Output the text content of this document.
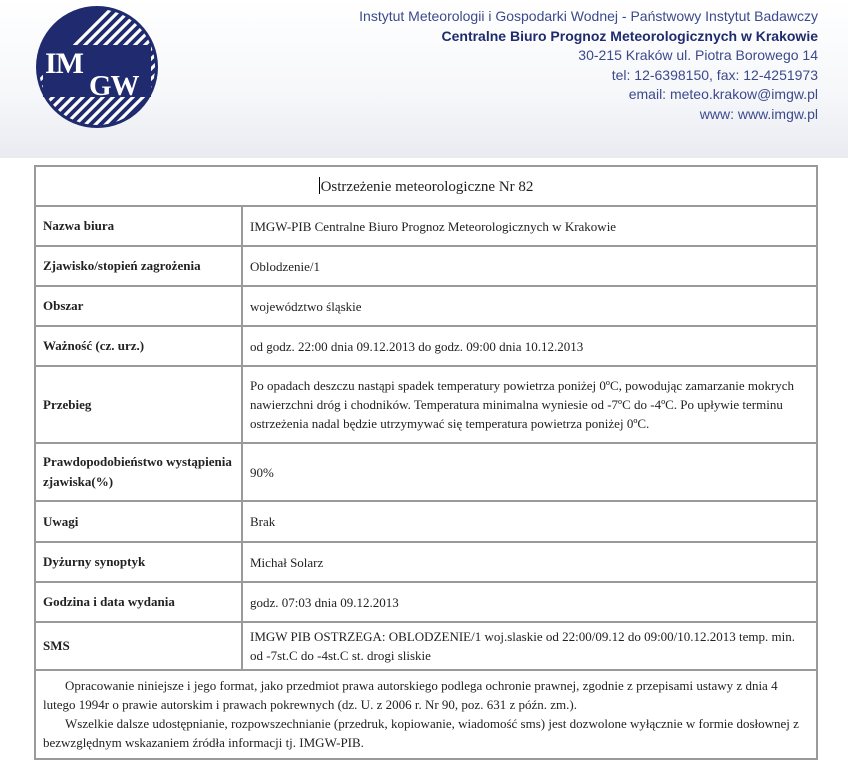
IM
GW
Instytut Meteorologii i Gospodarki Wodnej - Państwowy Instytut Badawczy
Centralne Biuro Prognoz Meteorologicznych w Krakowie
30-215 Kraków ul. Piotra Borowego 14
tel: 12-6398150, fax: 12-4251973
email: meteo.krakow@imgw.pl
www: www.imgw.pl
Ostrzeżenie meteorologiczne Nr 82	
Nazwa biura	IMGW-PIB Centralne Biuro Prognoz Meteorologicznych w Krakowie
Zjawisko/stopień zagrożenia	Oblodzenie/1
Obszar	województwo śląskie
Ważność (cz. urz.)	od godz. 22:00 dnia 09.12.2013 do godz. 09:00 dnia 10.12.2013
Przebieg	Po opadach deszczu nastąpi spadek temperatury powietrza poniżej 0ºC, powodując zamarzanie mokrych nawierzchni dróg i chodników. Temperatura minimalna wyniesie od -7ºC do -4ºC. Po upływie terminu ostrzeżenia nadal będzie utrzymywać się temperatura powietrza poniżej 0ºC.
Prawdopodobieństwo wystąpienia zjawiska(%)	90%
Uwagi	Brak
Dyżurny synoptyk	Michał Solarz
Godzina i data wydania	godz. 07:03 dnia 09.12.2013
SMS	IMGW PIB OSTRZEGA: OBLODZENIE/1 woj.slaskie od 22:00/09.12 do 09:00/10.12.2013 temp. min. od -7st.C do -4st.C st. drogi sliskie

Opracowanie niniejsze i jego format, jako przedmiot prawa autorskiego podlega ochronie prawnej, zgodnie z przepisami ustawy z dnia 4 lutego 1994r o prawie autorskim i prawach pokrewnych (dz. U. z 2006 r. Nr 90, poz. 631 z późn. zm.).

Wszelkie dalsze udostępnianie, rozpowszechnianie (przedruk, kopiowanie, wiadomość sms) jest dozwolone wyłącznie w formie dosłownej z bezwzględnym wskazaniem źródła informacji tj. IMGW-PIB.	
